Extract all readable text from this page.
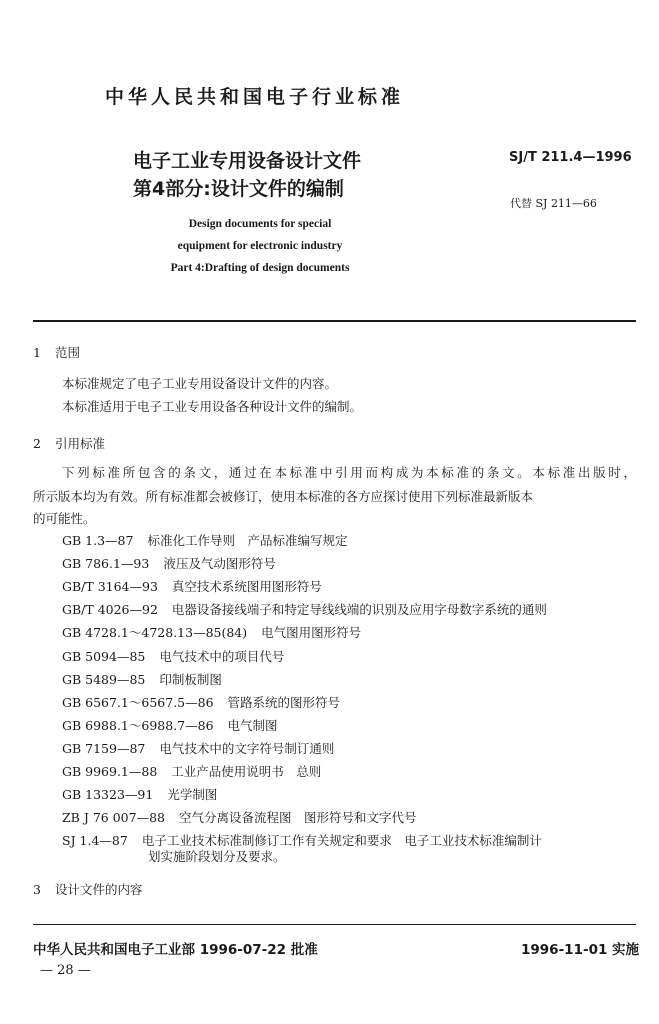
中华人民共和国电子行业标准
电子工业专用设备设计文件
第4部分:设计文件的编制
SJ/T 211.4—1996
代替 SJ 211—66
Design documents for special
equipment for electronic industry
Part 4:Drafting of design documents
1 范围
本标准规定了电子工业专用设备设计文件的内容。
本标准适用于电子工业专用设备各种设计文件的编制。
2 引用标准
下列标准所包含的条文，通过在本标准中引用而构成为本标准的条文。本标准出版时，
所示版本均为有效。所有标准都会被修订，使用本标准的各方应探讨使用下列标准最新版本
的可能性。
GB 1.3—87 标准化工作导则　产品标准编写规定
GB 786.1—93 液压及气动图形符号
GB/T 3164—93 真空技术系统图用图形符号
GB/T 4026—92 电器设备接线端子和特定导线线端的识别及应用字母数字系统的通则
GB 4728.1～4728.13—85(84) 电气图用图形符号
GB 5094—85 电气技术中的项目代号
GB 5489—85 印制板制图
GB 6567.1～6567.5—86 管路系统的图形符号
GB 6988.1～6988.7—86 电气制图
GB 7159—87 电气技术中的文字符号制订通则
GB 9969.1—88 工业产品使用说明书　总则
GB 13323—91 光学制图
ZB J 76 007—88 空气分离设备流程图　图形符号和文字代号
SJ 1.4—87 电子工业技术标准制修订工作有关规定和要求　电子工业技术标准编制计
划实施阶段划分及要求。
3 设计文件的内容
中华人民共和国电子工业部 1996-07-22 批准	1996-11-01 实施
— 28 —
